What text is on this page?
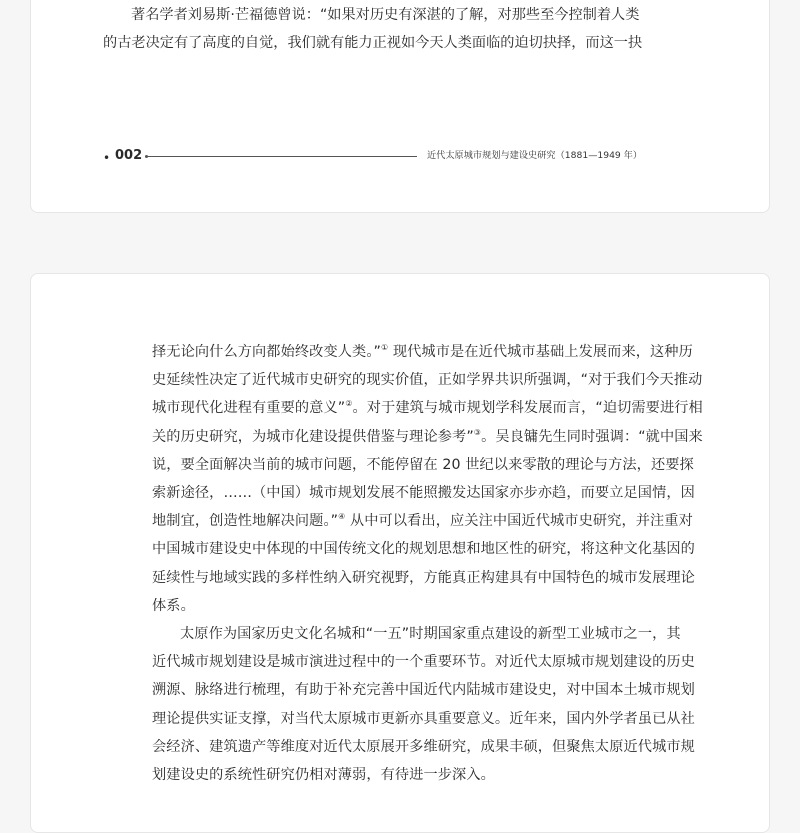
著名学者刘易斯·芒福德曾说：“如果对历史有深湛的了解，对那些至今控制着人类
的古老决定有了高度的自觉，我们就有能力正视如今天人类面临的迫切抉择，而这一抉
• 002	近代太原城市规划与建设史研究（1881—1949 年）
择无论向什么方向都始终改变人类。”① 现代城市是在近代城市基础上发展而来，这种历
史延续性决定了近代城市史研究的现实价值，正如学界共识所强调，“对于我们今天推动
城市现代化进程有重要的意义”②。对于建筑与城市规划学科发展而言，“迫切需要进行相
关的历史研究，为城市化建设提供借鉴与理论参考”③。吴良镛先生同时强调：“就中国来
说，要全面解决当前的城市问题，不能停留在 20 世纪以来零散的理论与方法，还要探
索新途径，……（中国）城市规划发展不能照搬发达国家亦步亦趋，而要立足国情，因
地制宜，创造性地解决问题。”④ 从中可以看出，应关注中国近代城市史研究，并注重对
中国城市建设史中体现的中国传统文化的规划思想和地区性的研究，将这种文化基因的
延续性与地域实践的多样性纳入研究视野，方能真正构建具有中国特色的城市发展理论
体系。
太原作为国家历史文化名城和“一五”时期国家重点建设的新型工业城市之一，其
近代城市规划建设是城市演进过程中的一个重要环节。对近代太原城市规划建设的历史
溯源、脉络进行梳理，有助于补充完善中国近代内陆城市建设史，对中国本土城市规划
理论提供实证支撑，对当代太原城市更新亦具重要意义。近年来，国内外学者虽已从社
会经济、建筑遗产等维度对近代太原展开多维研究，成果丰硕，但聚焦太原近代城市规
划建设史的系统性研究仍相对薄弱，有待进一步深入。
